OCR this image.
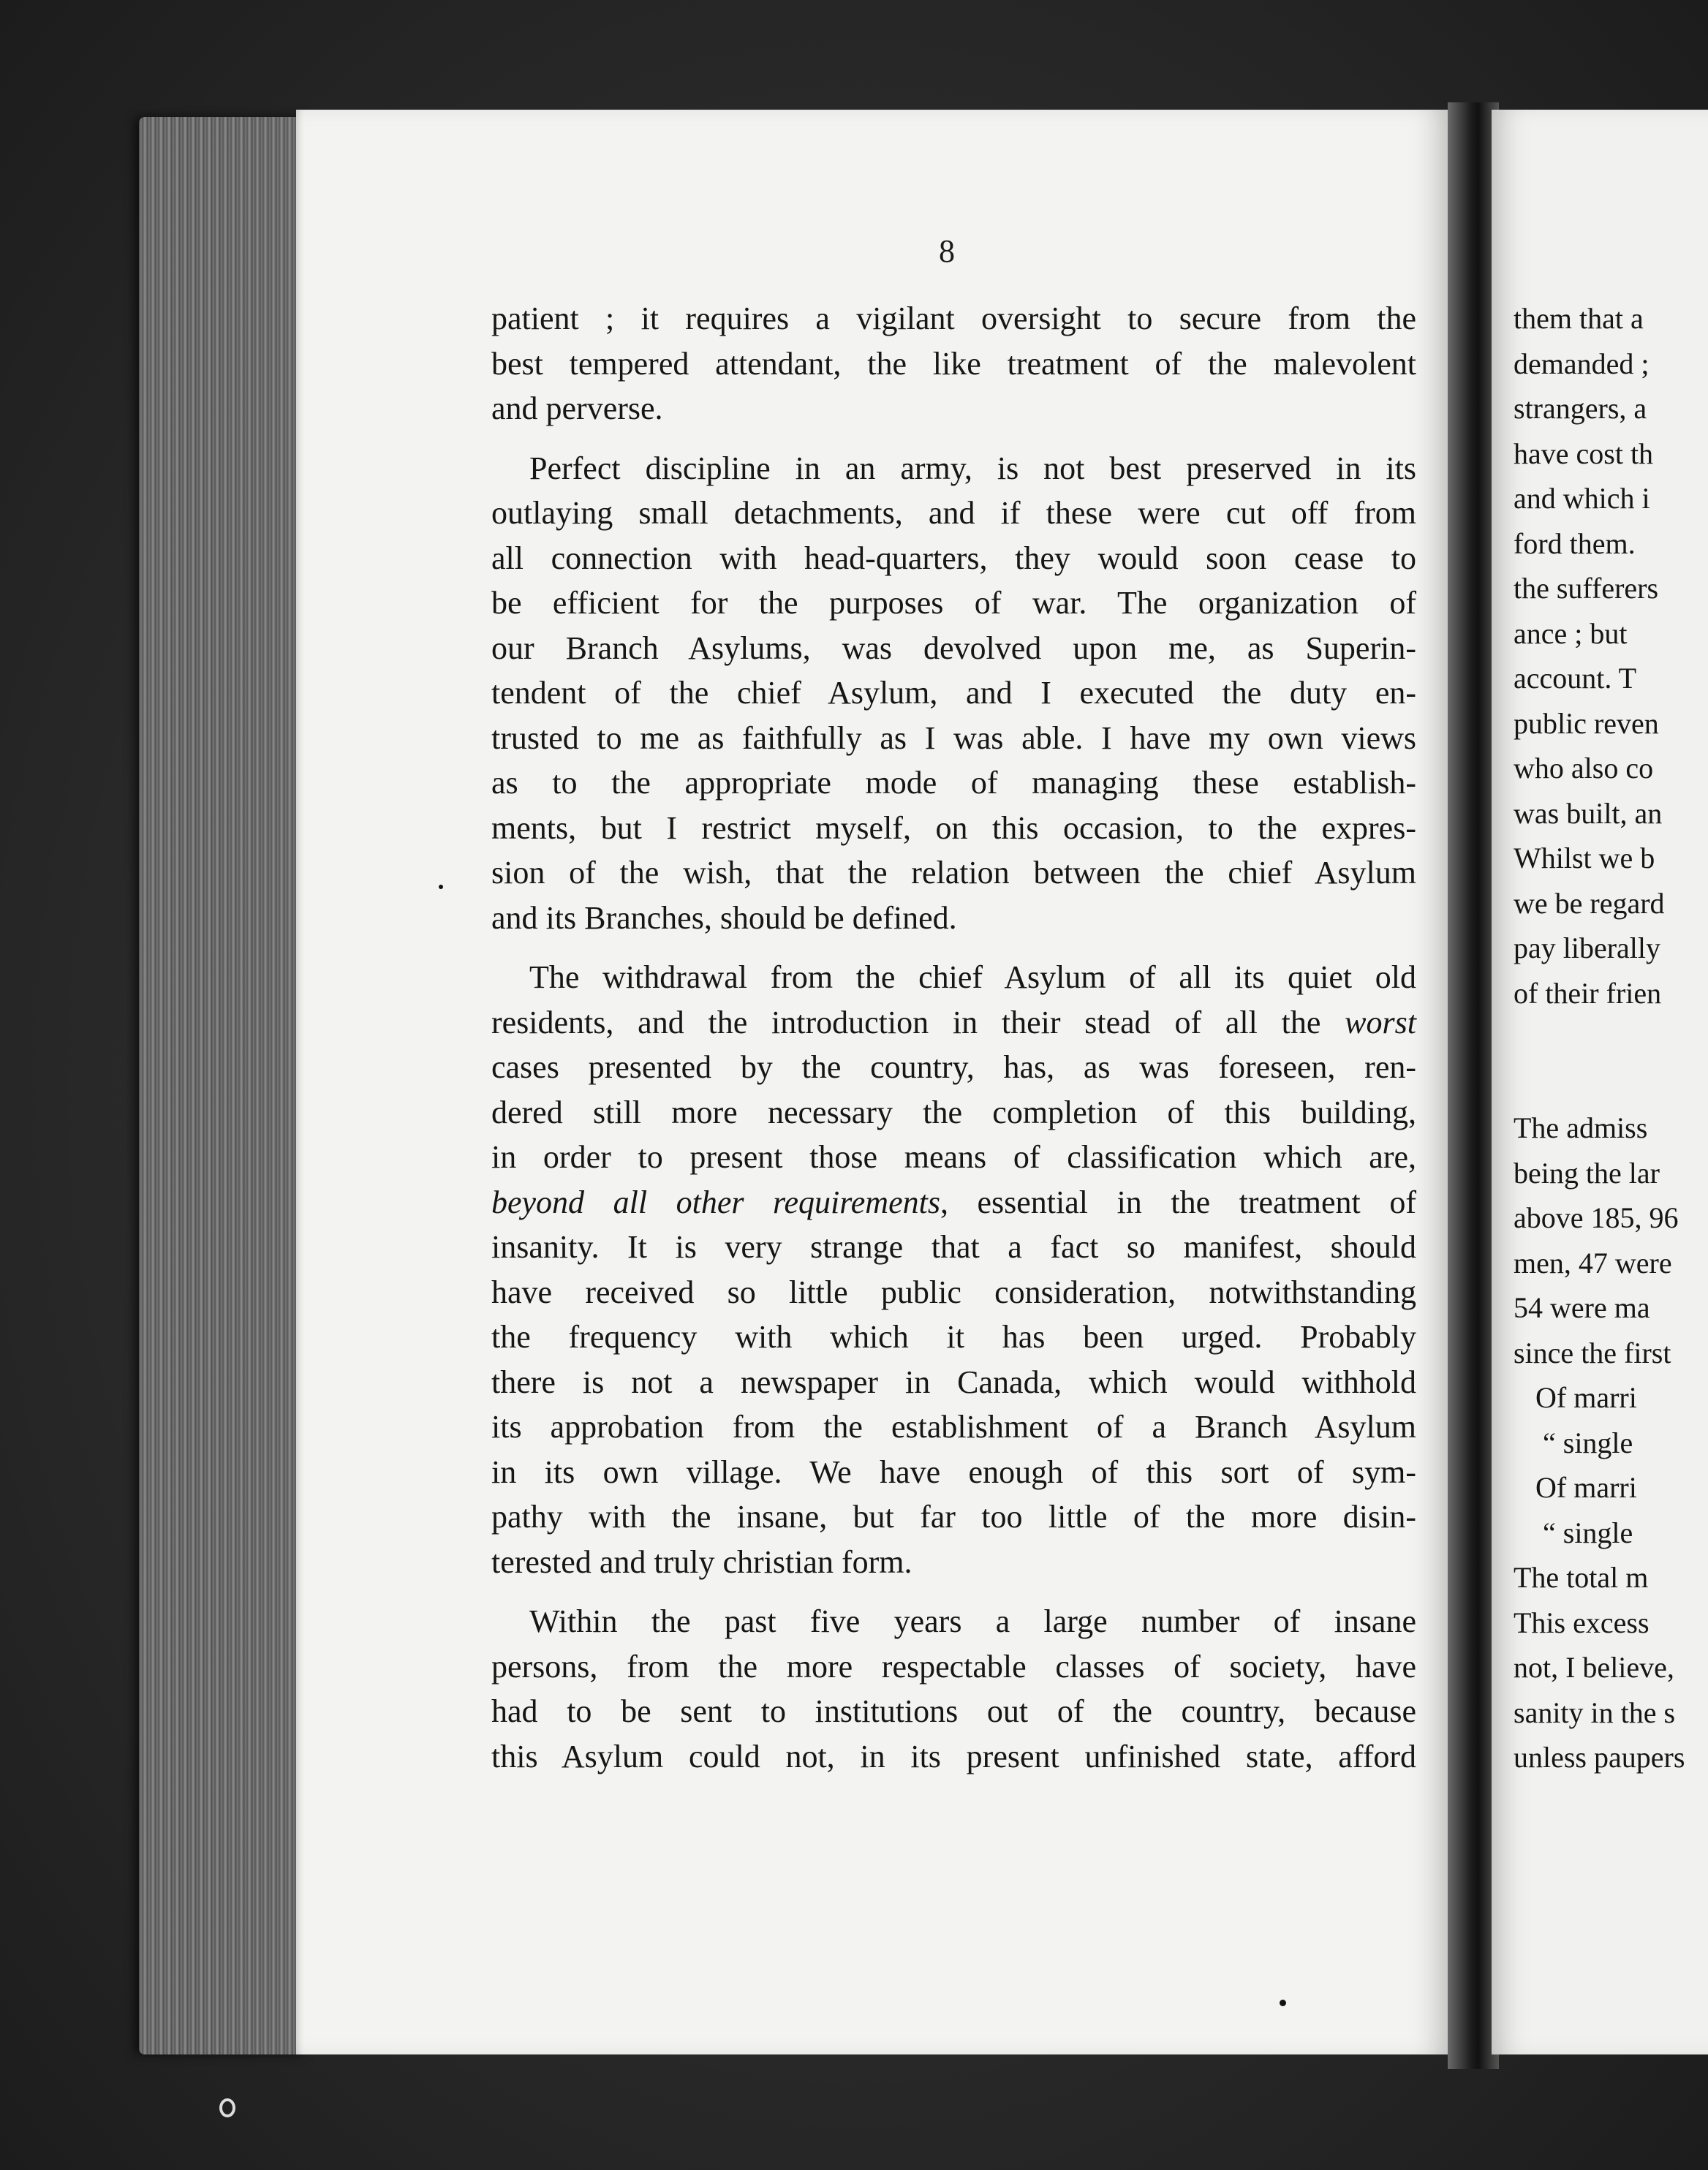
8
patient ; it requires a vigilant oversight to secure from the
best tempered attendant, the like treatment of the malevolent
and perverse.
Perfect discipline in an army, is not best preserved in its
outlaying small detachments, and if these were cut off from
all connection with head-quarters, they would soon cease to
be efficient for the purposes of war. The organization of
our Branch Asylums, was devolved upon me, as Superin-
tendent of the chief Asylum, and I executed the duty en-
trusted to me as faithfully as I was able. I have my own views
as to the appropriate mode of managing these establish-
ments, but I restrict myself, on this occasion, to the expres-
sion of the wish, that the relation between the chief Asylum
and its Branches, should be defined.
The withdrawal from the chief Asylum of all its quiet old
residents, and the introduction in their stead of all the worst
cases presented by the country, has, as was foreseen, ren-
dered still more necessary the completion of this building,
in order to present those means of classification which are,
beyond all other requirements, essential in the treatment of
insanity. It is very strange that a fact so manifest, should
have received so little public consideration, notwithstanding
the frequency with which it has been urged. Probably
there is not a newspaper in Canada, which would withhold
its approbation from the establishment of a Branch Asylum
in its own village. We have enough of this sort of sym-
pathy with the insane, but far too little of the more disin-
terested and truly christian form.
Within the past five years a large number of insane
persons, from the more respectable classes of society, have
had to be sent to institutions out of the country, because
this Asylum could not, in its present unfinished state, afford
them that a
demanded ;
strangers, a
have cost th
and which i
ford them.
the sufferers
ance ; but
account. T
public reven
who also co
was built, an
Whilst we b
we be regard
pay liberally
of their frien

The admiss
being the lar
above 185, 96
men, 47 were
54 were ma
since the first
Of marri
“ single
Of marri
“ single
The total m
This excess
not, I believe,
sanity in the s
unless paupers
